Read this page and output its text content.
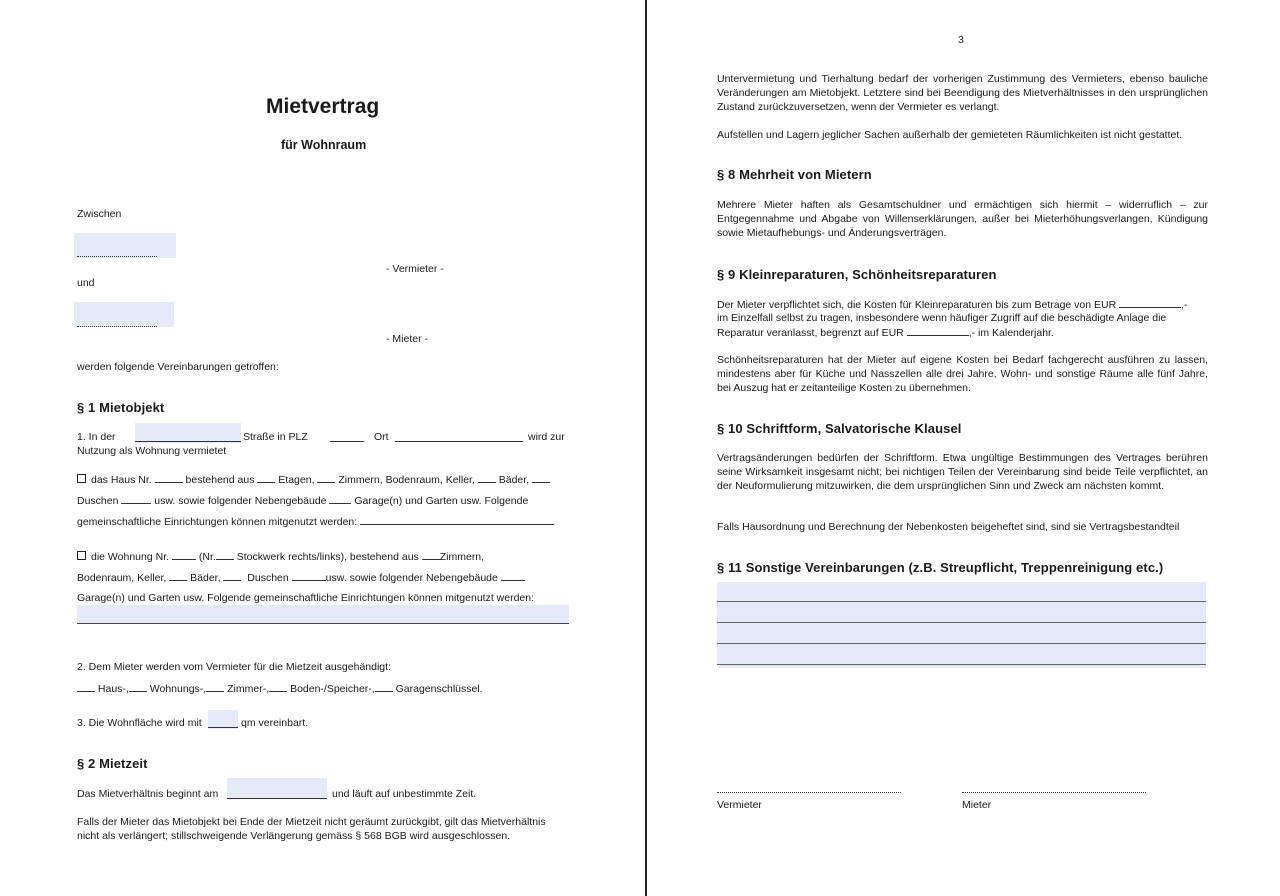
Mietvertrag
für Wohnraum
Zwischen
- Vermieter -
und
- Mieter -
werden folgende Vereinbarungen getroffen:
§ 1 Mietobjekt
1. In der	Straße in PLZ	Ort	wird zur
Nutzung als Wohnung vermietet
das Haus Nr.	bestehend aus Etagen, Zimmern, Bodenraum, Keller, Bäder,
Duschen	usw. sowie folgender Nebengebäude	Garage(n) und Garten usw. Folgende
gemeinschaftliche Einrichtungen können mitgenutzt werden:
die Wohnung Nr.	(Nr. Stockwerk rechts/links), bestehend aus Zimmern,
Bodenraum, Keller, Bäder,	Duschen	usw. sowie folgender Nebengebäude
Garage(n) und Garten usw. Folgende gemeinschaftliche Einrichtungen können mitgenutzt werden:
2. Dem Mieter werden vom Vermieter für die Mietzeit ausgehändigt:
Haus-, Wohnungs-, Zimmer-, Boden-/Speicher-, Garagenschlüssel.
3. Die Wohnfläche wird mit	qm vereinbart.
§ 2 Mietzeit
Das Mietverhältnis beginnt am	und läuft auf unbestimmte Zeit.
Falls der Mieter das Mietobjekt bei Ende der Mietzeit nicht geräumt zurückgibt, gilt das Mietverhältnis
nicht als verlängert; stillschweigende Verlängerung gemäss § 568 BGB wird ausgeschlossen.
3
Untervermietung und Tierhaltung bedarf der vorherigen Zustimmung des Vermieters, ebenso bauliche Veränderungen am Mietobjekt. Letztere sind bei Beendigung des Mietverhältnisses in den ursprünglichen Zustand zurückzuversetzen, wenn der Vermieter es verlangt.
Aufstellen und Lagern jeglicher Sachen außerhalb der gemieteten Räumlichkeiten ist nicht gestattet.
§ 8 Mehrheit von Mietern
Mehrere Mieter haften als Gesamtschuldner und ermächtigen sich hiermit – widerruflich – zur Entgegennahme und Abgabe von Willenserklärungen, außer bei Mieterhöhungsverlangen, Kündigung sowie Mietaufhebungs- und Änderungsverträgen.
§ 9 Kleinreparaturen, Schönheitsreparaturen
Der Mieter verpflichtet sich, die Kosten für Kleinreparaturen bis zum Betrage von EUR	,-
im Einzelfall selbst zu tragen, insbesondere wenn häufiger Zugriff auf die beschädigte Anlage die
Reparatur veranlasst, begrenzt auf EUR	,- im Kalenderjahr.
Schönheitsreparaturen hat der Mieter auf eigene Kosten bei Bedarf fachgerecht ausführen zu lassen, mindestens aber für Küche und Nasszellen alle drei Jahre, Wohn- und sonstige Räume alle fünf Jahre, bei Auszug hat er zeitanteilige Kosten zu übernehmen.
§ 10 Schriftform, Salvatorische Klausel
Vertragsänderungen bedürfen der Schriftform. Etwa ungültige Bestimmungen des Vertrages berühren seine Wirksamkeit insgesamt nicht; bei nichtigen Teilen der Vereinbarung sind beide Teile verpflichtet, an der Neuformulierung mitzuwirken, die dem ursprünglichen Sinn und Zweck am nächsten kommt.
Falls Hausordnung und Berechnung der Nebenkosten beigeheftet sind, sind sie Vertragsbestandteil
§ 11 Sonstige Vereinbarungen (z.B. Streupflicht, Treppenreinigung etc.)
Vermieter	Mieter
